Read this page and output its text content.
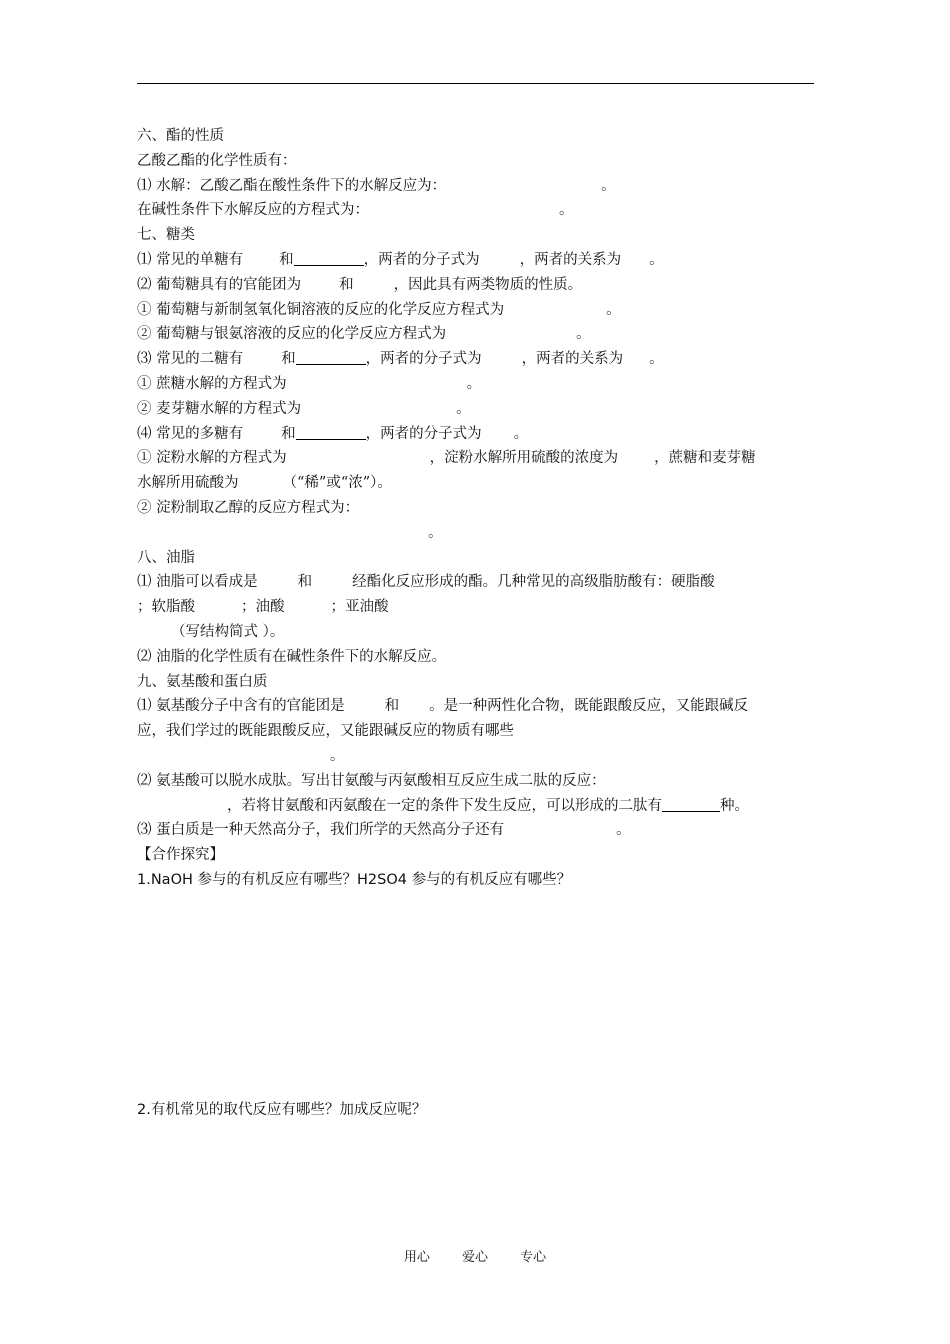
六、酯的性质
乙酸乙酯的化学性质有：
⑴ 水解：乙酸乙酯在酸性条件下的水解反应为：	。
在碱性条件下水解反应的方程式为：	。
七、糖类
⑴ 常见的单糖有 和	，两者的分子式为	，两者的关系为 。
⑵ 葡萄糖具有的官能团为	和	，因此具有两类物质的性质。
① 葡萄糖与新制氢氧化铜溶液的反应的化学反应方程式为	。
② 葡萄糖与银氨溶液的反应的化学反应方程式为	。
⑶ 常见的二糖有	和	，两者的分子式为	，两者的关系为 。
① 蔗糖水解的方程式为	。
② 麦芽糖水解的方程式为	。
⑷ 常见的多糖有	和	，两者的分子式为 。
① 淀粉水解的方程式为	，淀粉水解所用硫酸的浓度为 ，蔗糖和麦芽糖
水解所用硫酸为	（“稀”或“浓”）。
② 淀粉制取乙醇的反应方程式为：
。
八、油脂
⑴ 油脂可以看成是	和	经酯化反应形成的酯。几种常见的高级脂肪酸有：硬脂酸
；软脂酸	；油酸	；亚油酸
（写结构简式 ）。
⑵ 油脂的化学性质有在碱性条件下的水解反应。
九、氨基酸和蛋白质
⑴ 氨基酸分子中含有的官能团是	和 。是一种两性化合物，既能跟酸反应，又能跟碱反
应，我们学过的既能跟酸反应，又能跟碱反应的物质有哪些
。
⑵ 氨基酸可以脱水成肽。写出甘氨酸与丙氨酸相互反应生成二肽的反应：
，若将甘氨酸和丙氨酸在一定的条件下发生反应，可以形成的二肽有	种。
⑶ 蛋白质是一种天然高分子，我们所学的天然高分子还有	。
【合作探究】
1.NaOH 参与的有机反应有哪些？H2SO4 参与的有机反应有哪些？
2.有机常见的取代反应有哪些？加成反应呢？
用心 爱心 专心
